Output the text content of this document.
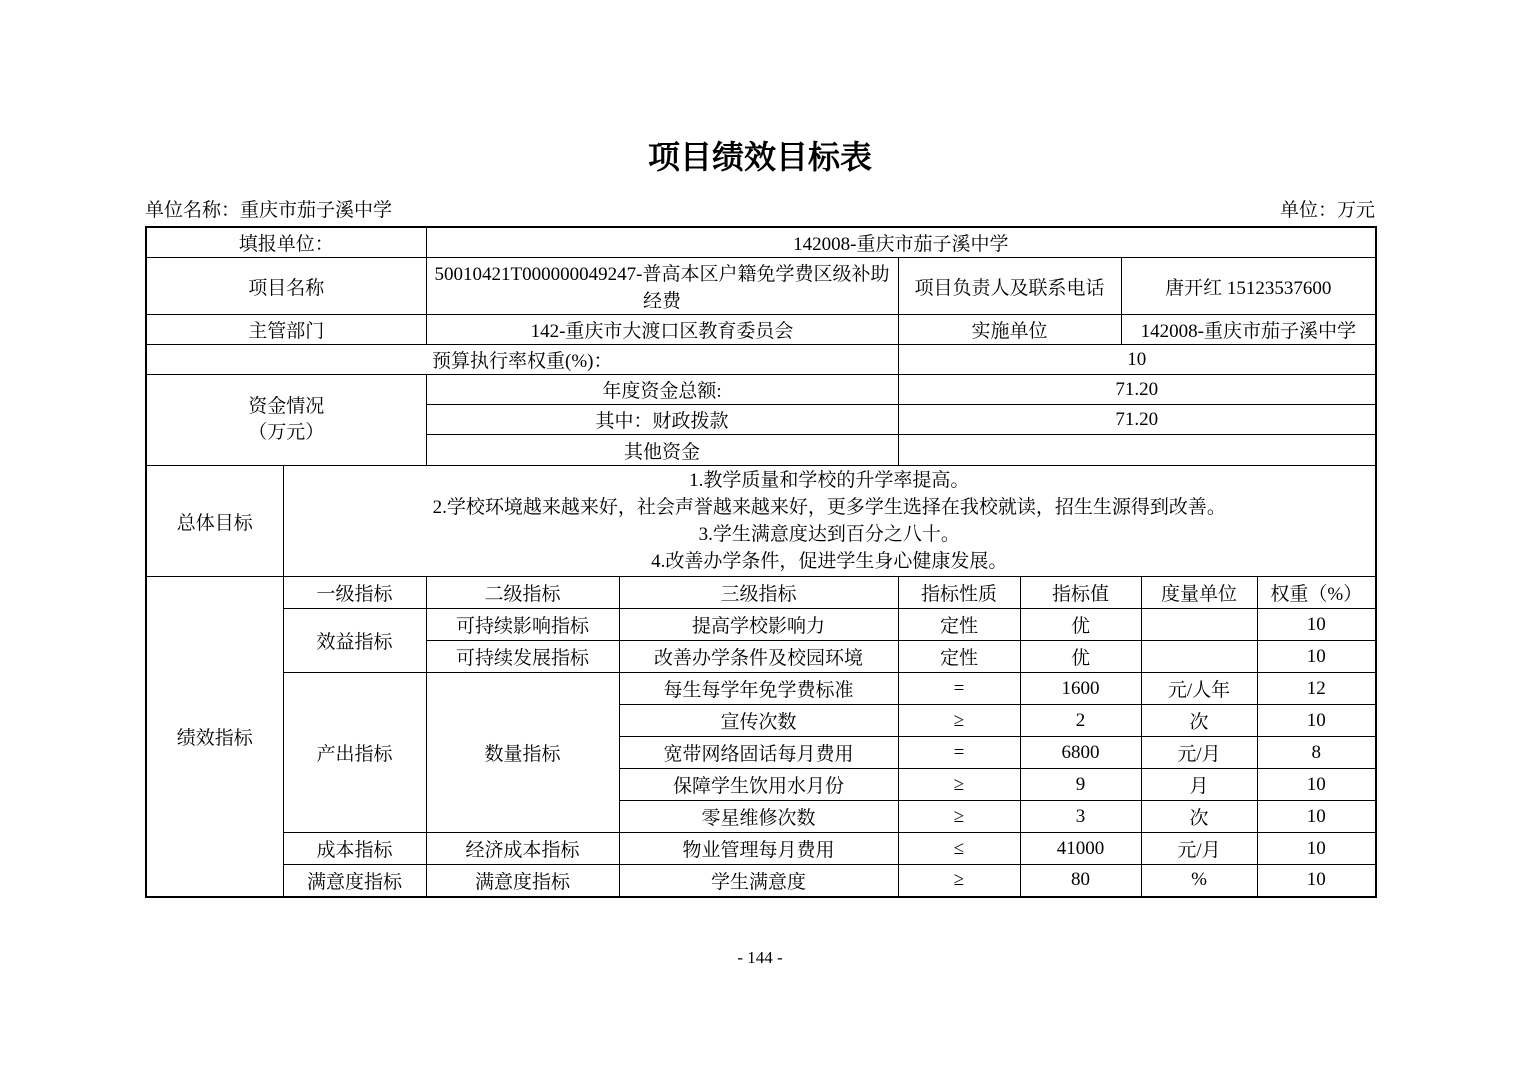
项目绩效目标表
单位名称：重庆市茄子溪中学	单位：万元
填报单位：		142008-重庆市茄子溪中学						
项目名称		50010421T000000049247-普高本区户籍免学费区级补助经费		项目负责人及联系电话		唐开红 15123537600		
主管部门		142-重庆市大渡口区教育委员会		实施单位		142008-重庆市茄子溪中学		
预算执行率权重(%)：				10				

资金情况
（万元）		年度资金总额:		71.20				
		其中：财政拨款		71.20				
		其他资金						
总体目标	1.教学质量和学校的升学率提高。
2.学校环境越来越来好，社会声誉越来越来好，更多学生选择在我校就读，招生生源得到改善。
3.学生满意度达到百分之八十。
4.改善办学条件，促进学生身心健康发展。							

绩效指标	一级指标	二级指标	三级指标	指标性质	指标值		度量单位	权重（%）
	效益指标	可持续影响指标	提高学校影响力	定性	优			10
		可持续发展指标	改善办学条件及校园环境	定性	优			10
	产出指标	数量指标	每生每学年免学费标准	=	1600		元/人年	12
			宣传次数	≥	2		次	10
			宽带网络固话每月费用	=	6800		元/月	8
			保障学生饮用水月份	≥	9		月	10
			零星维修次数	≥	3		次	10
	成本指标	经济成本指标	物业管理每月费用	≤	41000		元/月	10
	满意度指标	满意度指标	学生满意度	≥	80		%	10
- 144 -
